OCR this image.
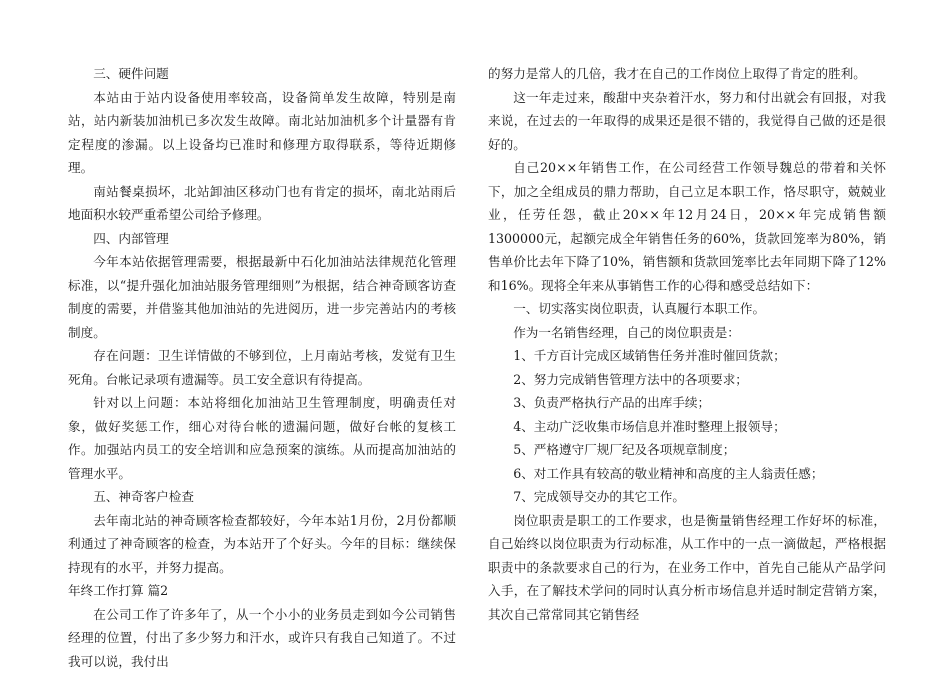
三、硬件问题

本站由于站内设备使用率较高，设备简单发生故障，特别是南站，站内新装加油机已多次发生故障。南北站加油机多个计量器有肯定程度的渗漏。以上设备均已准时和修理方取得联系，等待近期修理。

南站餐桌损坏，北站卸油区移动门也有肯定的损坏，南北站雨后地面积水较严重希望公司给予修理。

四、内部管理

今年本站依据管理需要，根据最新中石化加油站法律规范化管理标准，以“提升强化加油站服务管理细则”为根据，结合神奇顾客访查制度的需要，并借鉴其他加油站的先进阅历，进一步完善站内的考核制度。

存在问题：卫生详情做的不够到位，上月南站考核，发觉有卫生死角。台帐记录项有遗漏等。员工安全意识有待提高。

针对以上问题：本站将细化加油站卫生管理制度，明确责任对象，做好奖惩工作，细心对待台帐的遗漏问题，做好台帐的复核工作。加强站内员工的安全培训和应急预案的演练。从而提高加油站的管理水平。

五、神奇客户检查

去年南北站的神奇顾客检查都较好，今年本站1月份，2月份都顺利通过了神奇顾客的检查，为本站开了个好头。今年的目标：继续保持现有的水平，并努力提高。

年终工作打算 篇2

在公司工作了许多年了，从一个小小的业务员走到如今公司销售经理的位置，付出了多少努力和汗水，或许只有我自己知道了。不过我可以说，我付出

的努力是常人的几倍，我才在自己的工作岗位上取得了肯定的胜利。

这一年走过来，酸甜中夹杂着汗水，努力和付出就会有回报，对我来说，在过去的一年取得的成果还是很不错的，我觉得自己做的还是很好的。

自己20××年销售工作，在公司经营工作领导魏总的带着和关怀下，加之全组成员的鼎力帮助，自己立足本职工作，恪尽职守，兢兢业业，任劳任怨，截止20××年12月24日，20××年完成销售额1300000元，起额完成全年销售任务的60%，货款回笼率为80%，销售单价比去年下降了10%，销售额和货款回笼率比去年同期下降了12%和16%。现将全年来从事销售工作的心得和感受总结如下：

一、切实落实岗位职责，认真履行本职工作。

作为一名销售经理，自己的岗位职责是：

1、千方百计完成区域销售任务并准时催回货款；

2、努力完成销售管理方法中的各项要求；

3、负责严格执行产品的出库手续；

4、主动广泛收集市场信息并准时整理上报领导；

5、严格遵守厂规厂纪及各项规章制度；

6、对工作具有较高的敬业精神和高度的主人翁责任感；

7、完成领导交办的其它工作。

岗位职责是职工的工作要求，也是衡量销售经理工作好坏的标准，自己始终以岗位职责为行动标准，从工作中的一点一滴做起，严格根据职责中的条款要求自己的行为，在业务工作中，首先自己能从产品学问入手，在了解技术学问的同时认真分析市场信息并适时制定营销方案，其次自己常常同其它销售经
